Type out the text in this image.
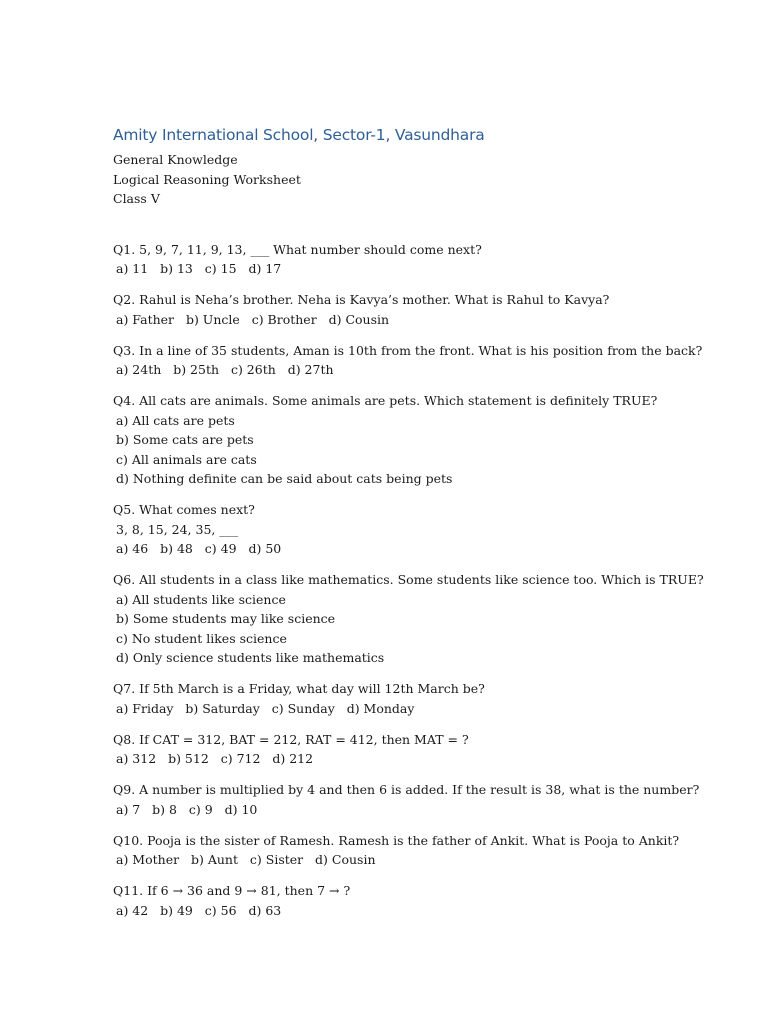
Amity International School, Sector-1, Vasundhara

General Knowledge

Logical Reasoning Worksheet

Class V

Q1. 5, 9, 7, 11, 9, 13, ___ What number should come next?

a) 11   b) 13   c) 15   d) 17

Q2. Rahul is Neha’s brother. Neha is Kavya’s mother. What is Rahul to Kavya?

a) Father   b) Uncle   c) Brother   d) Cousin

Q3. In a line of 35 students, Aman is 10th from the front. What is his position from the back?

a) 24th   b) 25th   c) 26th   d) 27th

Q4. All cats are animals. Some animals are pets. Which statement is definitely TRUE?

a) All cats are pets

b) Some cats are pets

c) All animals are cats

d) Nothing definite can be said about cats being pets

Q5. What comes next?

3, 8, 15, 24, 35, ___

a) 46   b) 48   c) 49   d) 50

Q6. All students in a class like mathematics. Some students like science too. Which is TRUE?

a) All students like science

b) Some students may like science

c) No student likes science

d) Only science students like mathematics

Q7. If 5th March is a Friday, what day will 12th March be?

a) Friday   b) Saturday   c) Sunday   d) Monday

Q8. If CAT = 312, BAT = 212, RAT = 412, then MAT = ?

a) 312   b) 512   c) 712   d) 212

Q9. A number is multiplied by 4 and then 6 is added. If the result is 38, what is the number?

a) 7   b) 8   c) 9   d) 10

Q10. Pooja is the sister of Ramesh. Ramesh is the father of Ankit. What is Pooja to Ankit?

a) Mother   b) Aunt   c) Sister   d) Cousin

Q11. If 6 → 36 and 9 → 81, then 7 → ?

a) 42   b) 49   c) 56   d) 63
